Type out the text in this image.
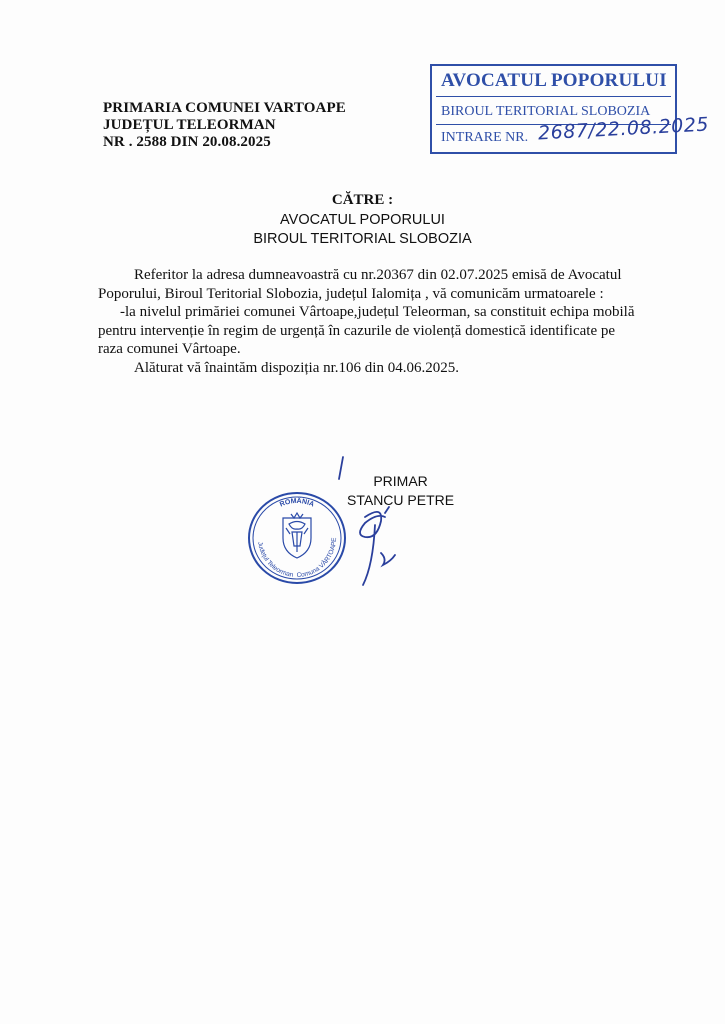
PRIMARIA COMUNEI VARTOAPE
JUDEȚUL TELEORMAN
NR . 2588 DIN 20.08.2025
AVOCATUL POPORULUI
BIROUL TERITORIAL SLOBOZIA
INTRARE NR. 2687/22.08.2025
CĂTRE :
AVOCATUL POPORULUI
BIROUL TERITORIAL SLOBOZIA

Referitor la adresa dumneavoastră cu nr.20367 din 02.07.2025 emisă de Avocatul Poporului, Biroul Teritorial Slobozia, județul Ialomița , vă comunicăm urmatoarele :

-la nivelul primăriei comunei Vârtoape,județul Teleorman, sa constituit echipa mobilă pentru intervenție în regim de urgență în cazurile de violență domestică identificate pe raza comunei Vârtoape.

Alăturat vă înaintăm dispoziția nr.106 din 04.06.2025.

PRIMAR
STANCU PETRE
ROMÂNIA
Județul Teleorman Comuna VÂRTOAPE
